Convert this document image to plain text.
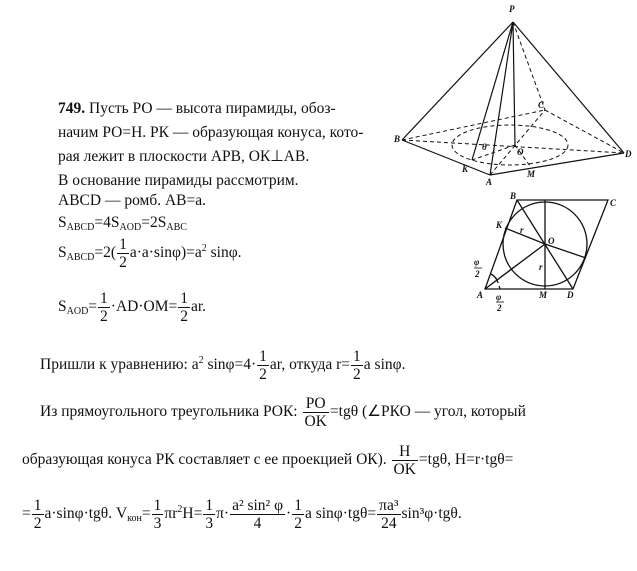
P
B
C
D
A
K	M
O
θ
B
C
A	D
K
M
O
r
r
φ
2
φ
2
749. Пусть РО — высота пирамиды, обоз-
начим РО=Н. РК — образующая конуса, кото-
рая лежит в плоскости АРВ, ОК⊥АВ.
В основание пирамиды рассмотрим.
ABCD — ромб. АВ=а.
$S_{ABCD}=4S_{AOD}=2S_{ABC}$
$S_{ABCD}=2( \frac{1}{2} a\cdot a\cdot\sin\varphi)=a^2$ sinφ.
$S_{AOD}= \frac{1}{2} \cdot AD\cdot OM= \frac{1}{2}$ ar.
Пришли к уравнению: $a^2$ $\sin\varphi=4\cdot \frac{1}{2}$ ar, откуда $r= \frac{1}{2}$ a sinφ.
Из прямоугольного треугольника РОК: $\frac{PO}{OK} =tg\theta$ (∠РКО — угол, который
образующая конуса РК составляет с ее проекцией ОК). $\frac{H}{OK} =tg\theta$, H=r·tgθ=
= $\frac{1}{2} a\cdot\sin\varphi\cdot tg\theta$. $V_{кон}= \frac{1}{3} \pi r^2H= \frac{1}{3} \pi\cdot \frac{\text{a² sin² φ}}{4} \cdot \frac{1}{2}$ a $\sin\varphi\cdot tg\theta= \frac{\text{πa³}}{24} \sin^3\varphi\cdot tg\theta$.
